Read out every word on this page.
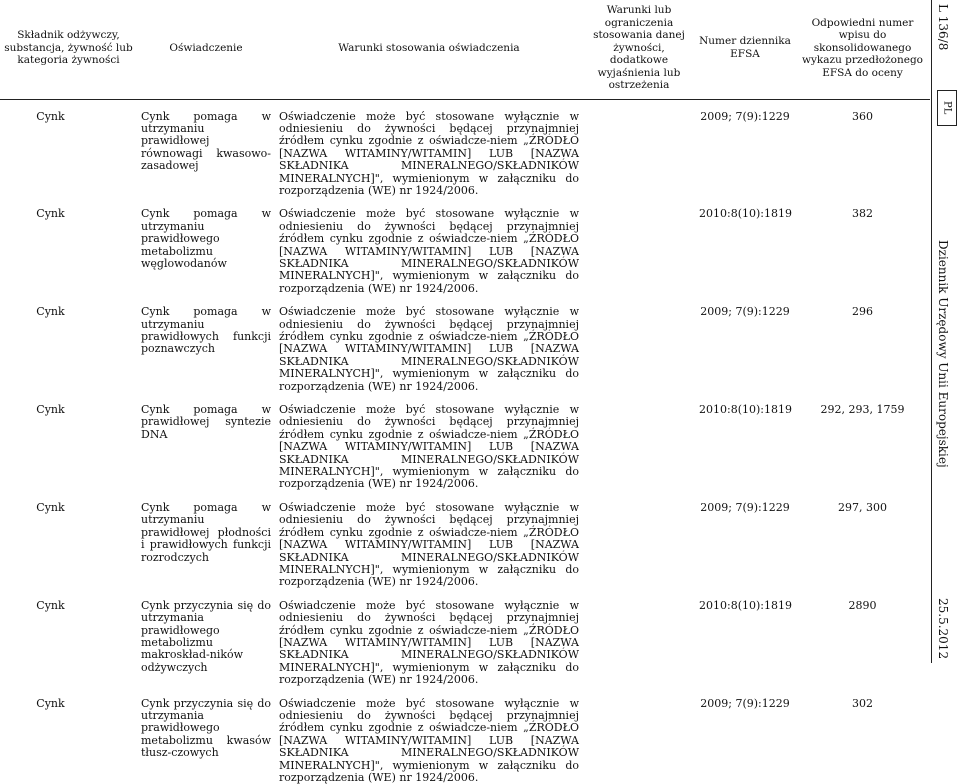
Składnik odżywczy, substancja, żywność lub kategoria żywności	Oświadczenie	Warunki stosowania oświadczenia	Warunki lub ograniczenia stosowania danej żywności, dodatkowe wyjaśnienia lub ostrzeżenia	Numer dziennika EFSA	Odpowiedni numer wpisu do skonsolidowanego wykazu przedłożonego EFSA do oceny
Cynk	Cynk pomaga w utrzymaniu prawidłowej równowagi kwasowo-zasadowej	Oświadczenie może być stosowane wyłącznie w odniesieniu do żywności będącej przynajmniej źródłem cynku zgodnie z oświadcze-niem „ŹRÓDŁO [NAZWA WITAMINY/WITAMIN] LUB [NAZWA SKŁADNIKA MINERALNEGO/SKŁADNIKÓW MINERALNYCH]", wymienionym w załączniku do rozporządzenia (WE) nr 1924/2006.		2009; 7(9):1229	360
Cynk	Cynk pomaga w utrzymaniu prawidłowego metabolizmu węglowodanów	Oświadczenie może być stosowane wyłącznie w odniesieniu do żywności będącej przynajmniej źródłem cynku zgodnie z oświadcze-niem „ŹRÓDŁO [NAZWA WITAMINY/WITAMIN] LUB [NAZWA SKŁADNIKA MINERALNEGO/SKŁADNIKÓW MINERALNYCH]", wymienionym w załączniku do rozporządzenia (WE) nr 1924/2006.		2010:8(10):1819	382
Cynk	Cynk pomaga w utrzymaniu prawidłowych funkcji poznawczych	Oświadczenie może być stosowane wyłącznie w odniesieniu do żywności będącej przynajmniej źródłem cynku zgodnie z oświadcze-niem „ŹRÓDŁO [NAZWA WITAMINY/WITAMIN] LUB [NAZWA SKŁADNIKA MINERALNEGO/SKŁADNIKÓW MINERALNYCH]", wymienionym w załączniku do rozporządzenia (WE) nr 1924/2006.		2009; 7(9):1229	296
Cynk	Cynk pomaga w prawidłowej syntezie DNA	Oświadczenie może być stosowane wyłącznie w odniesieniu do żywności będącej przynajmniej źródłem cynku zgodnie z oświadcze-niem „ŹRÓDŁO [NAZWA WITAMINY/WITAMIN] LUB [NAZWA SKŁADNIKA MINERALNEGO/SKŁADNIKÓW MINERALNYCH]", wymienionym w załączniku do rozporządzenia (WE) nr 1924/2006.		2010:8(10):1819	292, 293, 1759
Cynk	Cynk pomaga w utrzymaniu prawidłowej płodności i prawidłowych funkcji rozrodczych	Oświadczenie może być stosowane wyłącznie w odniesieniu do żywności będącej przynajmniej źródłem cynku zgodnie z oświadcze-niem „ŹRÓDŁO [NAZWA WITAMINY/WITAMIN] LUB [NAZWA SKŁADNIKA MINERALNEGO/SKŁADNIKÓW MINERALNYCH]", wymienionym w załączniku do rozporządzenia (WE) nr 1924/2006.		2009; 7(9):1229	297, 300
Cynk	Cynk przyczynia się do utrzymania prawidłowego metabolizmu makroskład-ników odżywczych	Oświadczenie może być stosowane wyłącznie w odniesieniu do żywności będącej przynajmniej źródłem cynku zgodnie z oświadcze-niem „ŹRÓDŁO [NAZWA WITAMINY/WITAMIN] LUB [NAZWA SKŁADNIKA MINERALNEGO/SKŁADNIKÓW MINERALNYCH]", wymienionym w załączniku do rozporządzenia (WE) nr 1924/2006.		2010:8(10):1819	2890
Cynk	Cynk przyczynia się do utrzymania prawidłowego metabolizmu kwasów tłusz-czowych	Oświadczenie może być stosowane wyłącznie w odniesieniu do żywności będącej przynajmniej źródłem cynku zgodnie z oświadcze-niem „ŹRÓDŁO [NAZWA WITAMINY/WITAMIN] LUB [NAZWA SKŁADNIKA MINERALNEGO/SKŁADNIKÓW MINERALNYCH]", wymienionym w załączniku do rozporządzenia (WE) nr 1924/2006.		2009; 7(9):1229	302
L 136/8
PL
Dziennik Urzędowy Unii Europejskiej
25.5.2012
